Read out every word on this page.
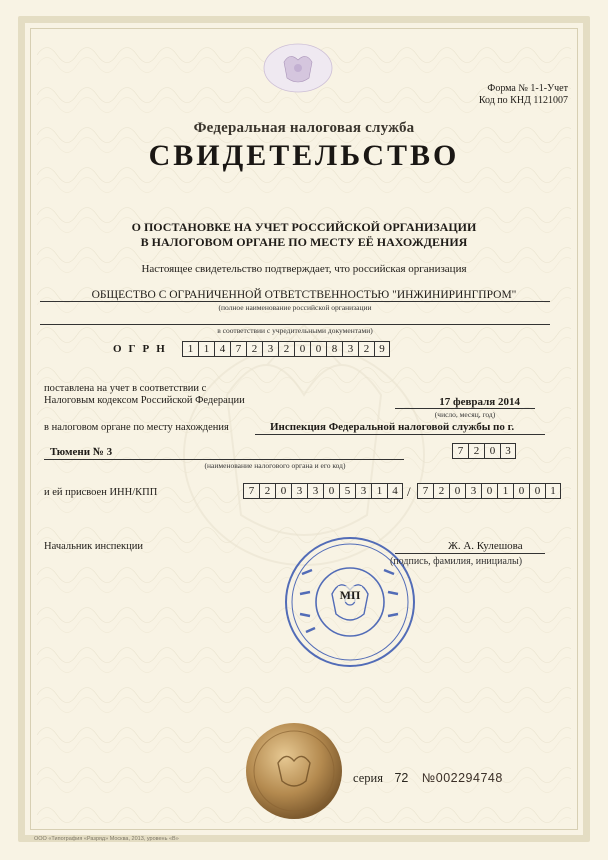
Форма № 1-1-Учет
Код по КНД 1121007
Федеральная налоговая служба
СВИДЕТЕЛЬСТВО
О ПОСТАНОВКЕ НА УЧЕТ РОССИЙСКОЙ ОРГАНИЗАЦИИ
В НАЛОГОВОМ ОРГАНЕ ПО МЕСТУ ЕЁ НАХОЖДЕНИЯ
Настоящее свидетельство подтверждает, что российская организация
ОБЩЕСТВО С ОГРАНИЧЕННОЙ ОТВЕТСТВЕННОСТЬЮ "ИНЖИНИРИНГПРОМ"
(полное наименование российской организации
в соответствии с учредительными документами)
ОГРН	1 1 4 7 2 3 2 0 0 8 3 2 9
поставлена на учет в соответствии с
Налоговым кодексом Российской Федерации	17 февраля 2014
(число, месяц, год)
в налоговом органе по месту нахождения	Инспекция Федеральной налоговой службы по г.
Тюмени № 3
(наименование налогового органа и его код)
7 2 0 3
и ей присвоен ИНН/КПП	7 2 0 3 3 0 5 3 1 4 /	7 2 0 3 0 1 0 0 1
Начальник инспекции
МП
Ж. А. Кулешова
(подпись, фамилия, инициалы)
серия 72 №002294748
ООО «Типография «Разряд» Москва, 2013, уровень «В»
